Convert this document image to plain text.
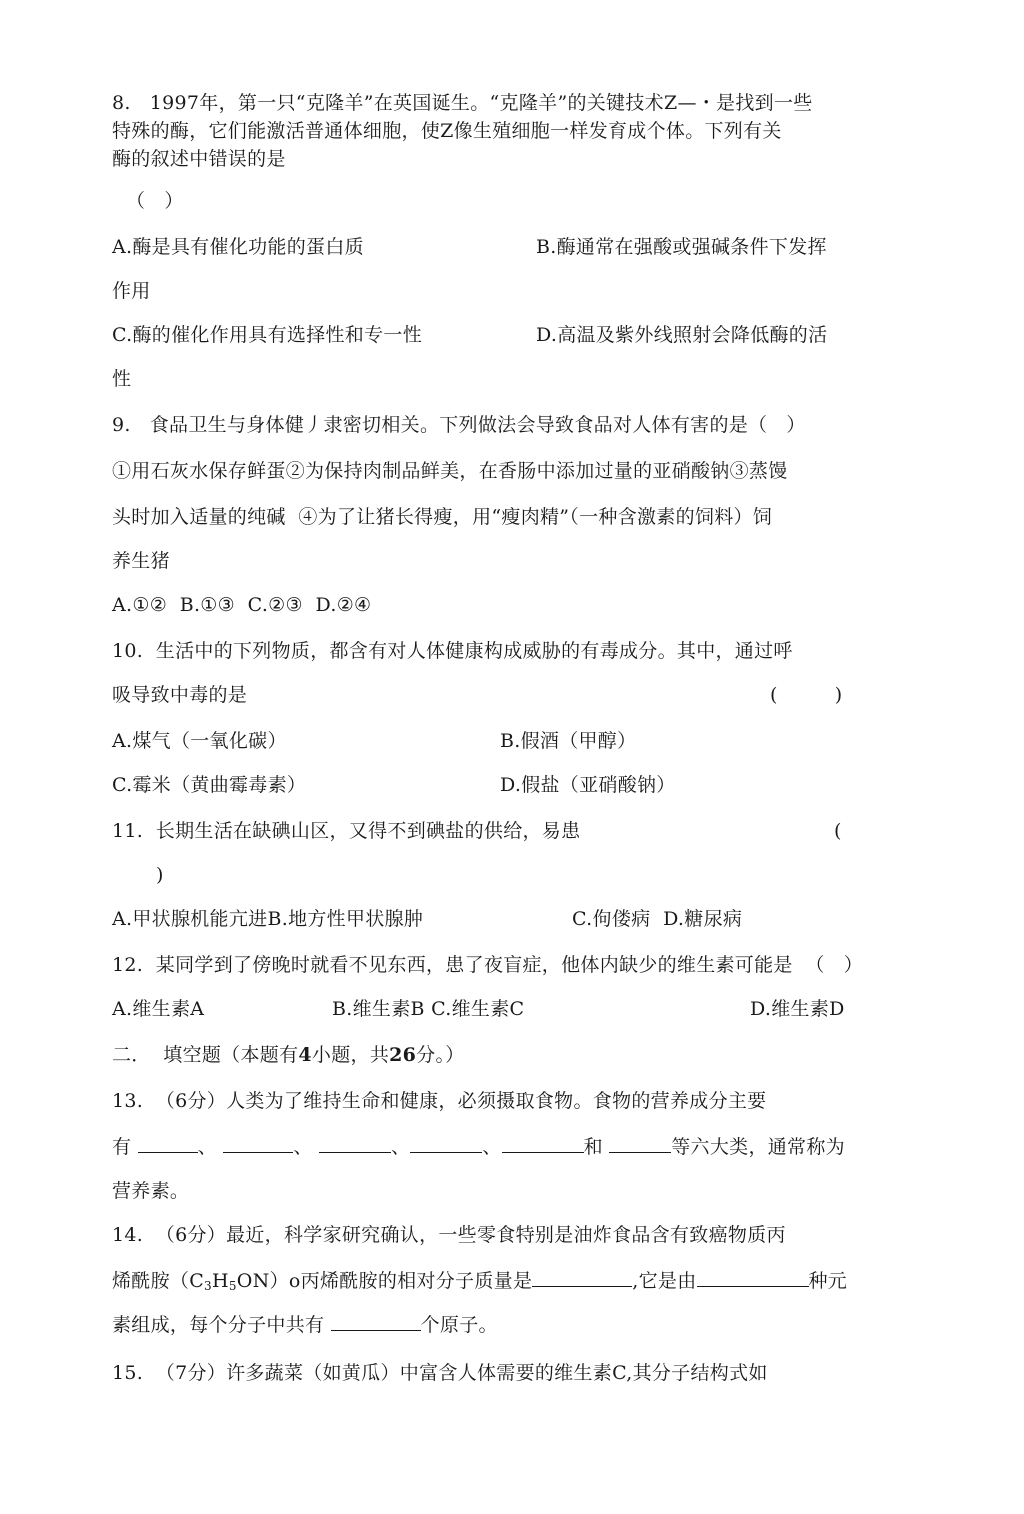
8.   1997年，第一只“克隆羊”在英国诞生。“克隆羊”的关键技术Z—・是找到一些
特殊的酶，它们能激活普通体细胞，使Z像生殖细胞一样发育成个体。下列有关
酶的叙述中错误的是
（   ）
A.酶是具有催化功能的蛋白质	B.酶通常在强酸或强碱条件下发挥
作用
C.酶的催化作用具有选择性和专一性	D.高温及紫外线照射会降低酶的活
性
9.   食品卫生与身体健丿隶密切相关。下列做法会导致食品对人体有害的是（   ）
①用石灰水保存鲜蛋②为保持肉制品鲜美，在香肠中添加过量的亚硝酸钠③蒸馒
头时加入适量的纯碱  ④为了让猪长得瘦，用“瘦肉精”（一种含激素的饲料）饲
养生猪
A.①②  B.①③  C.②③  D.②④
10.  生活中的下列物质，都含有对人体健康构成威胁的有毒成分。其中，通过呼
吸导致中毒的是	(         )
A.煤气（一氧化碳）	B.假酒（甲醇）
C.霉米（黄曲霉毒素）	D.假盐（亚硝酸钠）
11.  长期生活在缺碘山区，又得不到碘盐的供给，易患	(
)
A.甲状腺机能亢进B.地方性甲状腺肿	C.佝偻病  D.糖尿病
12.  某同学到了傍晚时就看不见东西，患了夜盲症，他体内缺少的维生素可能是  （   ）
A.维生素A	B.维生素B C.维生素C	D.维生素D
二．  填空题（本题有4小题，共26分。）
13.  （6分）人类为了维持生命和健康，必须摄取食物。食物的营养成分主要
有	、	、	、	、	和	等六大类，通常称为
营养素。
14.  （6分）最近，科学家研究确认，一些零食特别是油炸食品含有致癌物质丙
烯酰胺$(C_3H_5ON)o$丙烯酰胺的相对分子质量是	,它是由	种元
素组成，每个分子中共有	个原子。
15.  （7分）许多蔬菜（如黄瓜）中富含人体需要的维生素C,其分子结构式如
